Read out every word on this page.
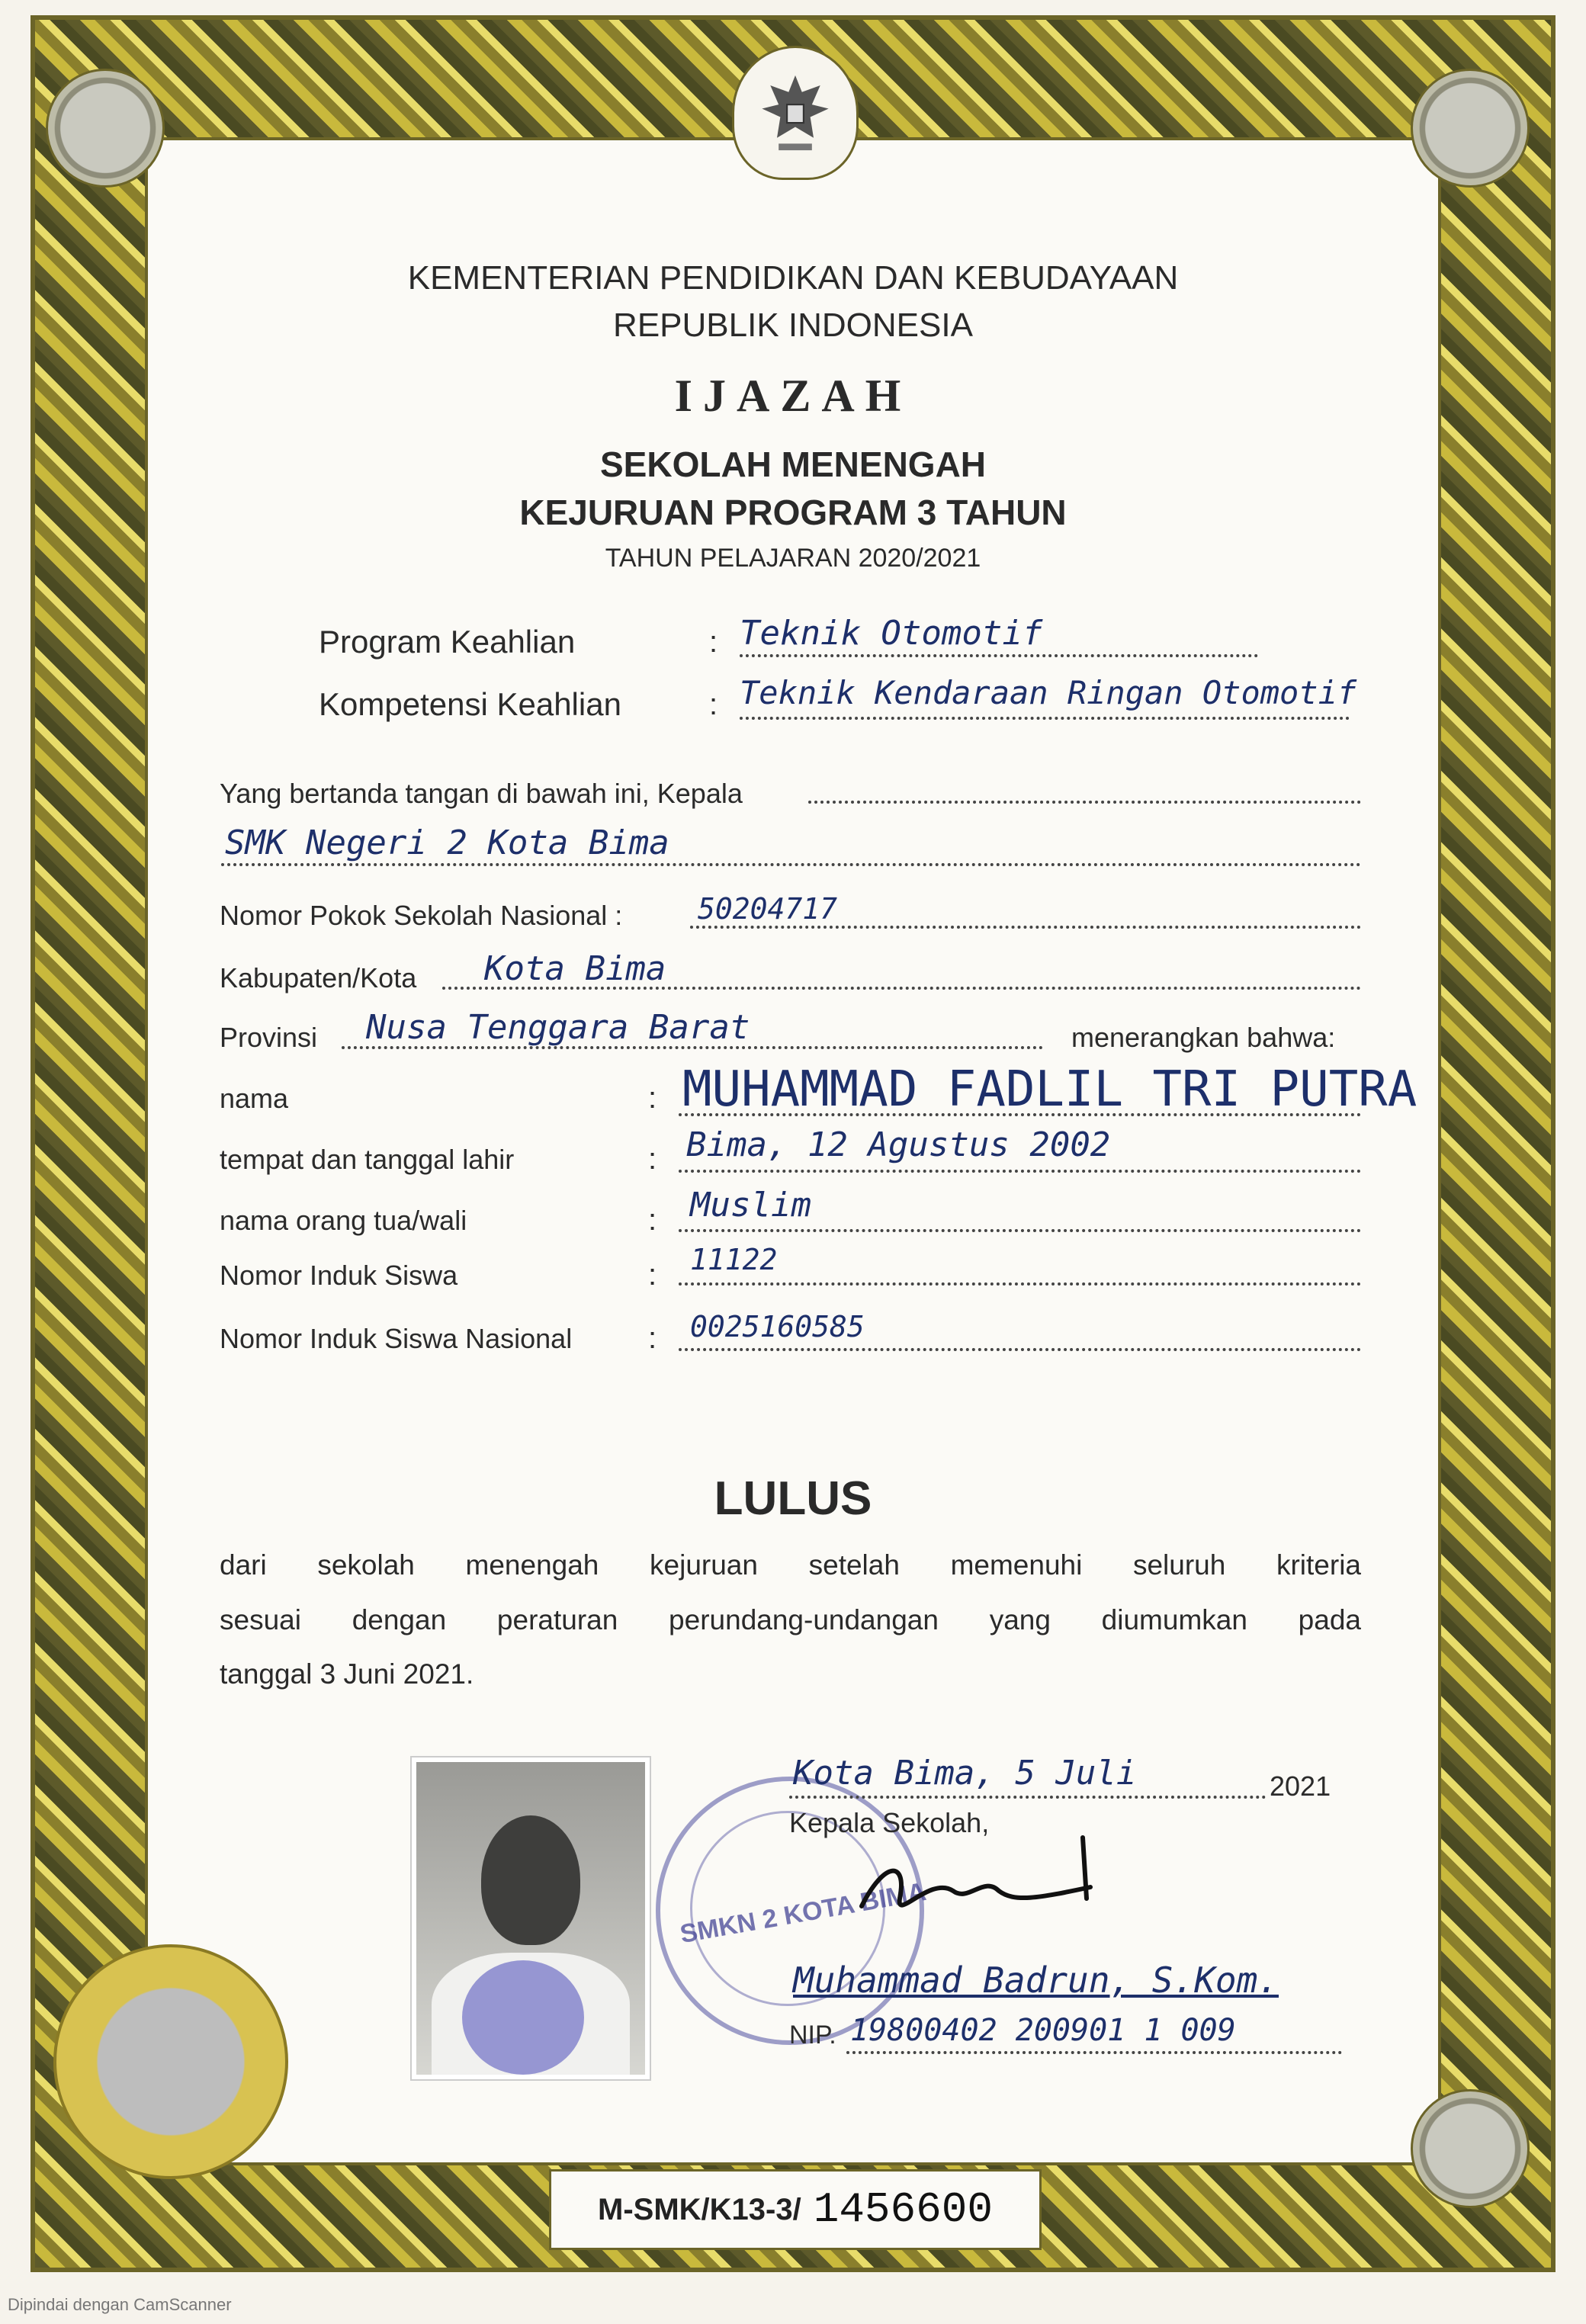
KEMENTERIAN PENDIDIKAN DAN KEBUDAYAAN
REPUBLIK INDONESIA
IJAZAH
SEKOLAH MENENGAH
KEJURUAN PROGRAM 3 TAHUN
TAHUN PELAJARAN 2020/2021
Program Keahlian	: Teknik Otomotif
Kompetensi Keahlian	: Teknik Kendaraan Ringan Otomotif
Yang bertanda tangan di bawah ini, Kepala
SMK Negeri 2 Kota Bima
Nomor Pokok Sekolah Nasional :	50204717
Kabupaten/Kota Kota Bima
Provinsi Nusa Tenggara Barat	menerangkan bahwa:
nama	: MUHAMMAD FADLIL TRI PUTRA
tempat dan tanggal lahir	: Bima, 12 Agustus 2002
nama orang tua/wali	: Muslim
Nomor Induk Siswa	: 11122
Nomor Induk Siswa Nasional : 0025160585
LULUS
dari sekolah menengah kejuruan setelah memenuhi seluruh kriteria
sesuai dengan peraturan perundang-undangan yang diumumkan pada
tanggal 3 Juni 2021.
SMKN 2 KOTA BIMA
Kota Bima, 5 Juli	2021
Kepala Sekolah,
Muhammad Badrun, S.Kom.
NIP. 19800402 200901 1 009
M-SMK/K13-3/ 1456600
Dipindai dengan CamScanner
